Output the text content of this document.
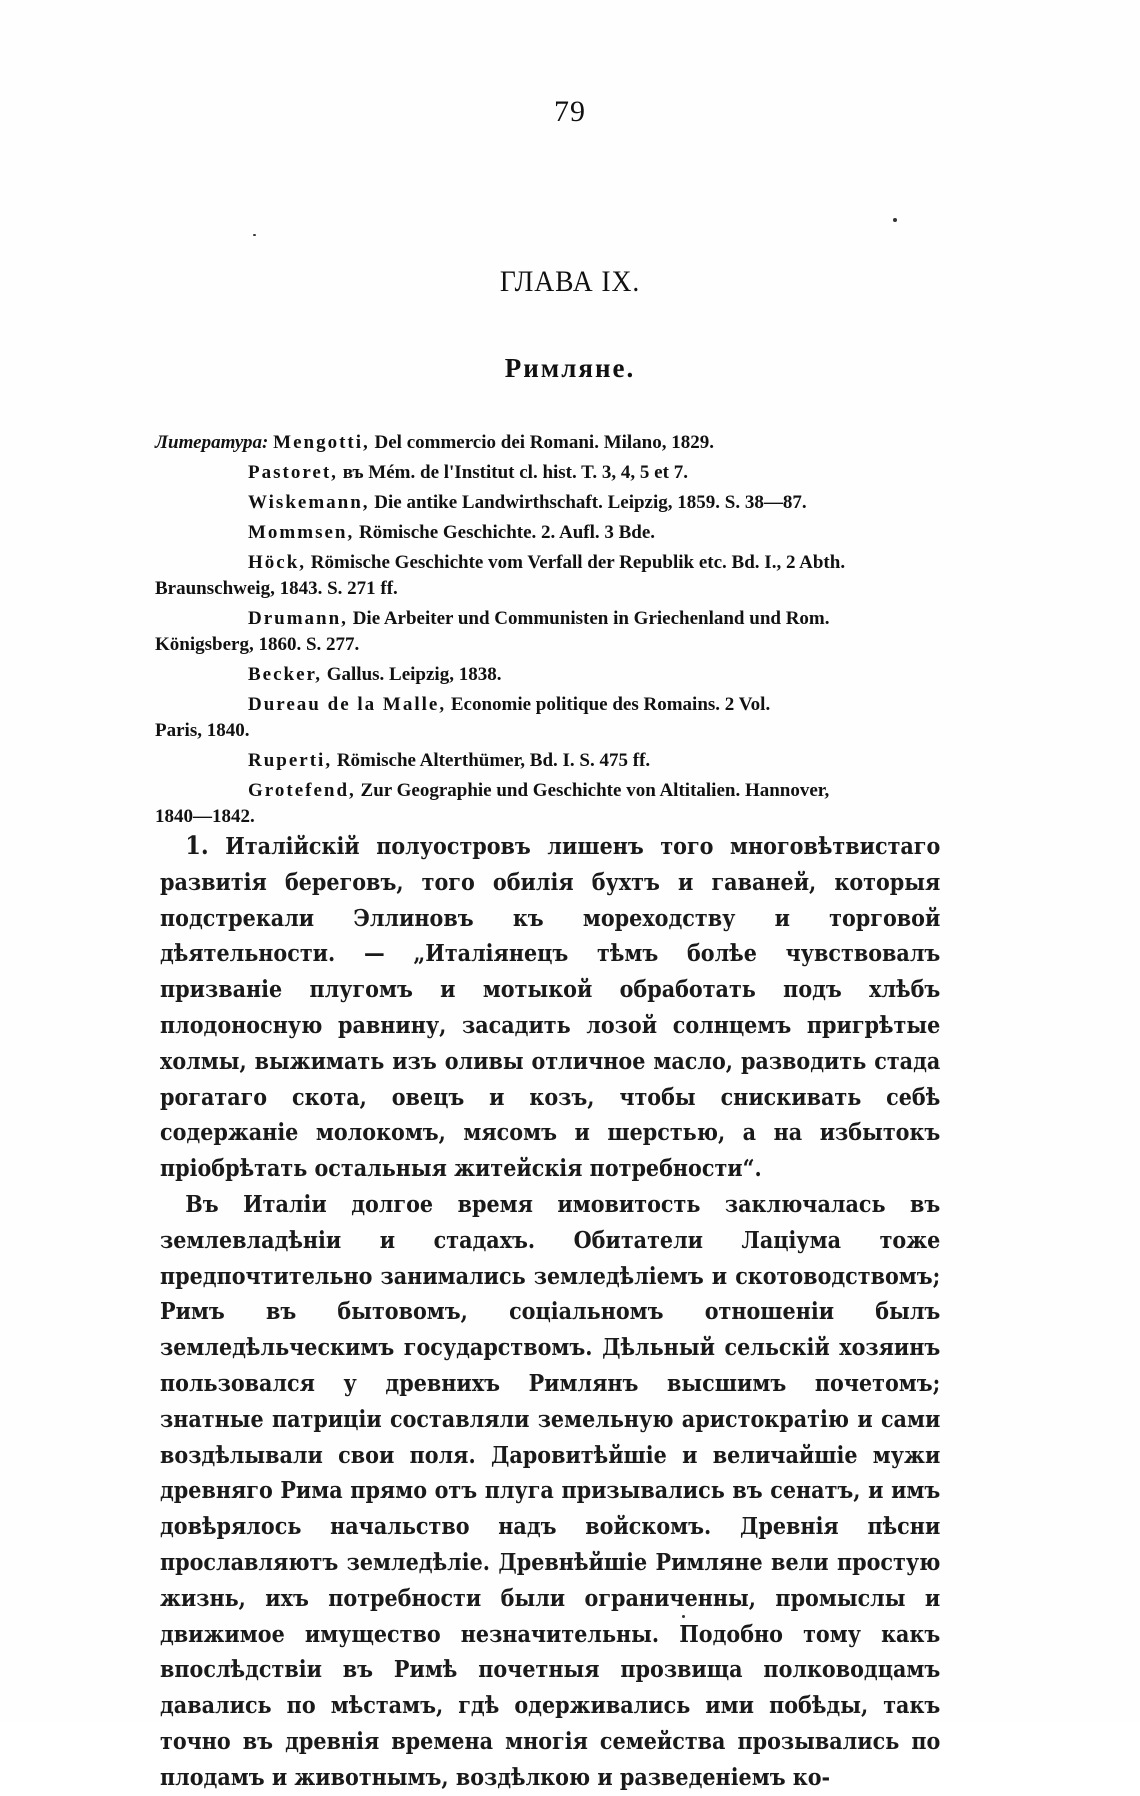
79
ГЛАВА IX.
Римляне.
Литература: Mengotti, Del commercio dei Romani. Milano, 1829.
Pastoret, въ Mém. de l'Institut cl. hist. T. 3, 4, 5 et 7.
Wiskemann, Die antike Landwirthschaft. Leipzig, 1859. S. 38—87.
Mommsen, Römische Geschichte. 2. Aufl. 3 Bde.
Höck, Römische Geschichte vom Verfall der Republik etc. Bd. I., 2 Abth.
Braunschweig, 1843. S. 271 ff.
Drumann, Die Arbeiter und Communisten in Griechenland und Rom.
Königsberg, 1860. S. 277.
Becker, Gallus. Leipzig, 1838.
Dureau de la Malle, Economie politique des Romains. 2 Vol.
Paris, 1840.
Ruperti, Römische Alterthümer, Bd. I. S. 475 ff.
Grotefend, Zur Geographie und Geschichte von Altitalien. Hannover,
1840—1842.

1. Италійскій полуостровъ лишенъ того многовѣтвистаго развитія береговъ, того обилія бухтъ и гаваней, которыя подстрекали Эллиновъ къ мореходству и торговой дѣятельности. — „Италіянецъ тѣмъ болѣе чувствовалъ призваніе плугомъ и мотыкой обработать подъ хлѣбъ плодоносную равнину, засадить лозой солнцемъ пригрѣтые холмы, выжимать изъ оливы отличное масло, разводить стада рогатаго скота, овецъ и козъ, чтобы снискивать себѣ содержаніе молокомъ, мясомъ и шерстью, а на избытокъ пріобрѣтать остальныя житейскія потребности“.

Въ Италіи долгое время имовитость заключалась въ землевладѣніи и стадахъ. Обитатели Лаціума тоже предпочтительно занимались земледѣліемъ и скотоводствомъ; Римъ въ бытовомъ, соціальномъ отношеніи былъ земледѣльческимъ государствомъ. Дѣльный сельскій хозяинъ пользовался у древнихъ Римлянъ высшимъ почетомъ; знатные патриціи составляли земельную аристократію и сами воздѣлывали свои поля. Даровитѣйшіе и величайшіе мужи древняго Рима прямо отъ плуга призывались въ сенатъ, и имъ довѣрялось начальство надъ войскомъ. Древнія пѣсни прославляютъ земледѣліе. Древнѣйшіе Римляне вели простую жизнь, ихъ потребности были ограниченны, промыслы и движимое имущество незначительны. Подобно тому какъ впослѣдствіи въ Римѣ почетныя прозвища полководцамъ давались по мѣстамъ, гдѣ одерживались ими побѣды, такъ точно въ древнія времена многія семейства прозывались по плодамъ и животнымъ, воздѣлкою и разведеніемъ ко-
